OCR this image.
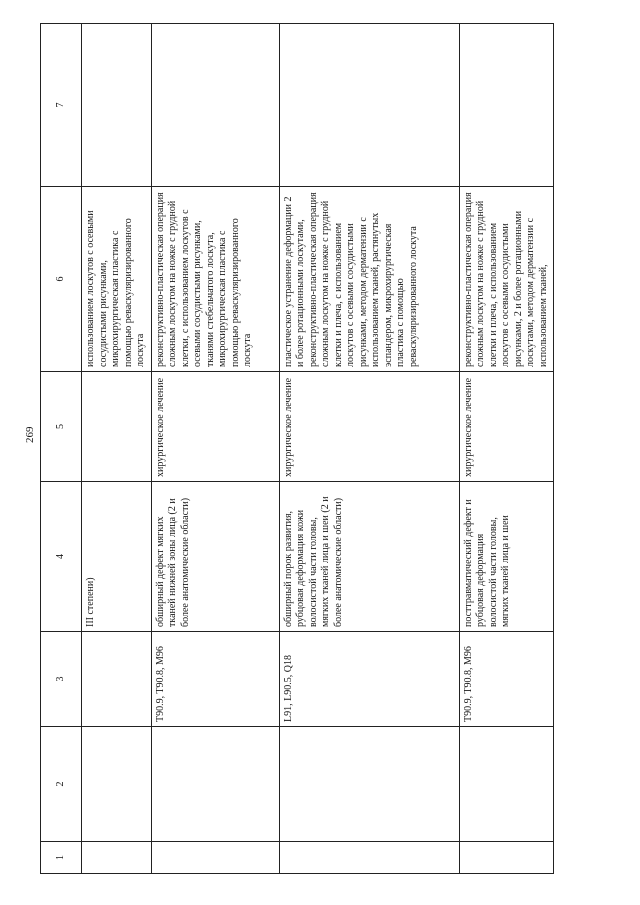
269
1	2	3	4	5	6	7
			III степени)		использованием лоскутов с осевыми сосудистыми рисунками, микрохирургическая пластика с помощью реваскуляризированного лоскута	
		T90.9, T90.8, M96	обширный дефект мягких тканей нижней зоны лица (2 и более анатомические области)	хирургическое лечение	реконструктивно-пластическая операция сложным лоскутом на ножке с грудной клетки, с использованием лоскутов с осевыми сосудистыми рисунками, тканями стебельчатого лоскута, микрохирургическая пластика с помощью реваскуляризированного лоскута	
		L91, L90.5, Q18	обширный порок развития, рубцовая деформация кожи волосистой части головы, мягких тканей лица и шеи (2 и более анатомические области)	хирургическое лечение	пластическое устранение деформации 2 и более ротационными лоскутами, реконструктивно-пластическая операция сложным лоскутом на ножке с грудной клетки и плеча, с использованием лоскутов с осевыми сосудистыми рисунками, методом дерматензии с использованием тканей, растянутых эспандером, микрохирургическая пластика с помощью реваскуляризированного лоскута	
		T90.9, T90.8, M96	посттравматический дефект и рубцовая деформация волосистой части головы, мягких тканей лица и шеи	хирургическое лечение	реконструктивно-пластическая операция сложным лоскутом на ножке с грудной клетки и плеча, с использованием лоскутов с осевыми сосудистыми рисунками, 2 и более ротационными лоскутами, методом дерматензии с использованием тканей,	
